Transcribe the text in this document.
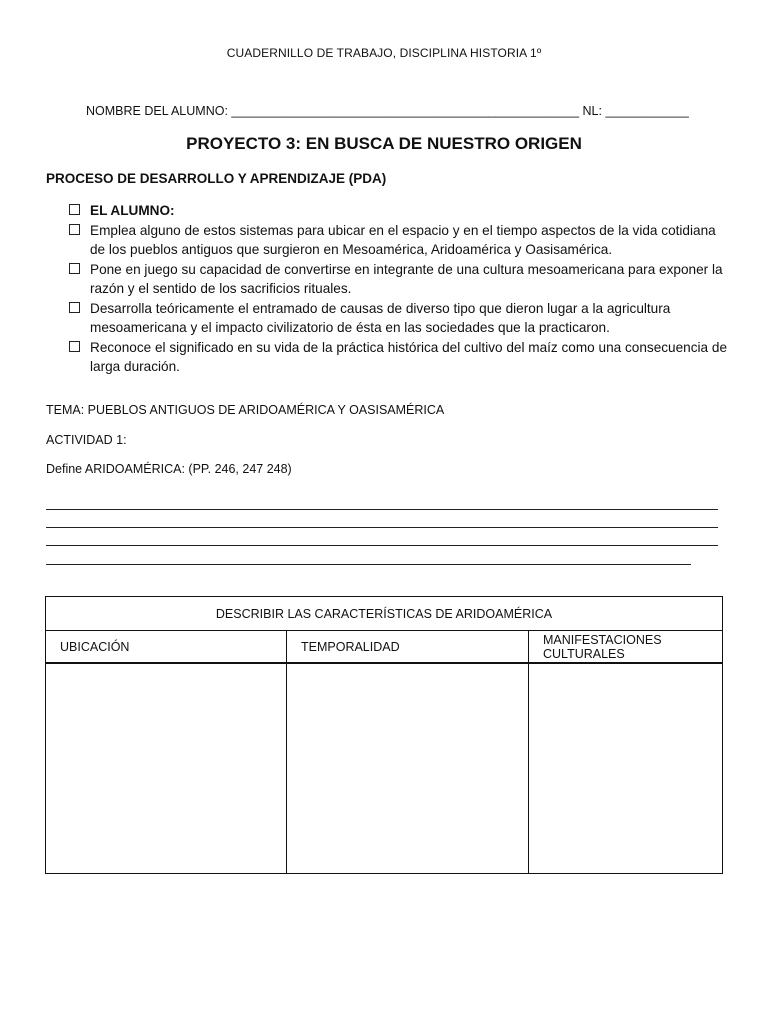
CUADERNILLO DE TRABAJO, DISCIPLINA HISTORIA 1º
NOMBRE DEL ALUMNO: __________________________________________________ NL: ____________
PROYECTO 3: EN BUSCA DE NUESTRO ORIGEN
PROCESO DE DESARROLLO Y APRENDIZAJE (PDA)
EL ALUMNO:
Emplea alguno de estos sistemas para ubicar en el espacio y en el tiempo aspectos de la vida cotidiana de los pueblos antiguos que surgieron en Mesoamérica, Aridoamérica y Oasisamérica.
Pone en juego su capacidad de convertirse en integrante de una cultura mesoamericana para exponer la razón y el sentido de los sacrificios rituales.
Desarrolla teóricamente el entramado de causas de diverso tipo que dieron lugar a la agricultura mesoamericana y el impacto civilizatorio de ésta en las sociedades que la practicaron.
Reconoce el significado en su vida de la práctica histórica del cultivo del maíz como una consecuencia de larga duración.
TEMA: PUEBLOS ANTIGUOS DE ARIDOAMÉRICA Y OASISAMÉRICA
ACTIVIDAD 1:
Define ARIDOAMÉRICA: (PP. 246, 247 248)
DESCRIBIR LAS CARACTERÍSTICAS DE ARIDOAMÉRICA		
UBICACIÓN	TEMPORALIDAD	MANIFESTACIONES CULTURALES
